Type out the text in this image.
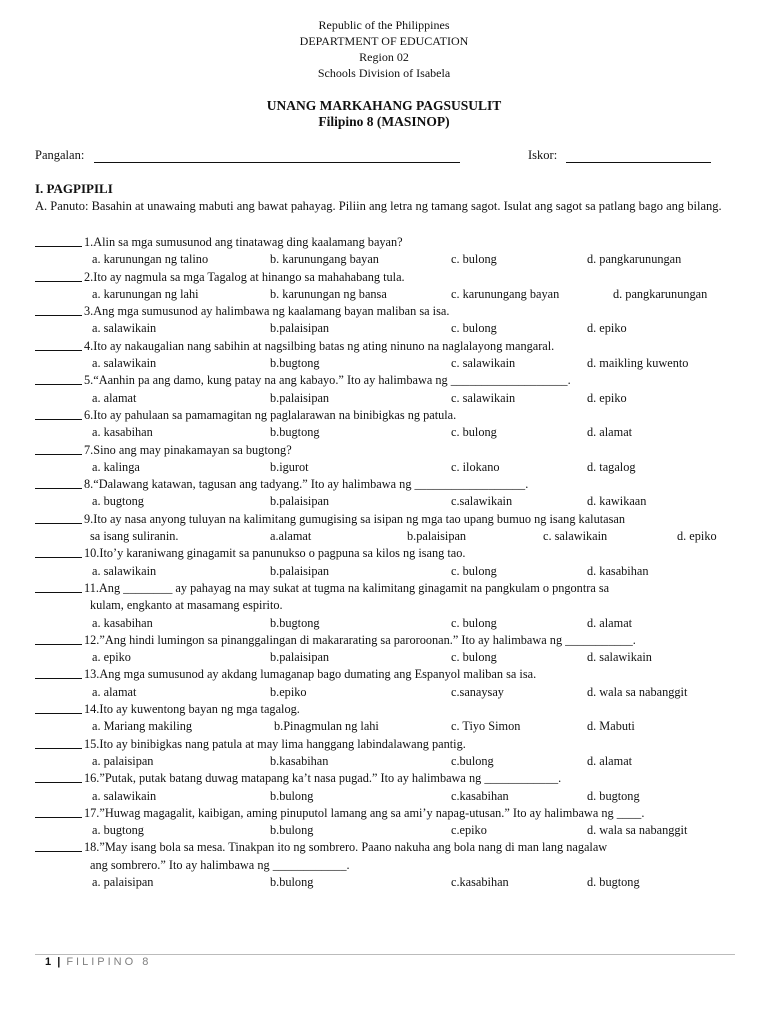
Republic of the Philippines
DEPARTMENT OF EDUCATION
Region 02
Schools Division of Isabela
UNANG MARKAHANG PAGSUSULIT
Filipino 8 (MASINOP)
Pangalan:	Iskor:
I. PAGPIPILI
A. Panuto: Basahin at unawaing mabuti ang bawat pahayag. Piliin ang letra ng tamang sagot. Isulat ang sagot sa patlang bago ang bilang.
1. Alin sa mga sumusunod ang tinatawag ding kaalamang bayan?
a. karunungan ng talino	b. karunungang bayan	c. bulong	d. pangkarunungan
2. Ito ay nagmula sa mga Tagalog at hinango sa mahahabang tula.
a. karunungan ng lahi	b. karunungan ng bansa	c. karunungang bayan	d. pangkarunungan
3. Ang mga sumusunod ay halimbawa ng kaalamang bayan maliban sa isa.
a. salawikain	b.palaisipan	c. bulong	d. epiko
4. Ito ay nakaugalian nang sabihin at nagsilbing batas ng ating ninuno na naglalayong mangaral.
a. salawikain	b.bugtong	c. salawikain	d. maikling kuwento
5. “Aanhin pa ang damo, kung patay na ang kabayo.” Ito ay halimbawa ng ___________________.
a. alamat	b.palaisipan	c. salawikain	d. epiko
6. Ito ay pahulaan sa pamamagitan ng paglalarawan na binibigkas ng patula.
a. kasabihan	b.bugtong	c. bulong	d. alamat
7. Sino ang may pinakamayan sa bugtong?
a. kalinga	b.igurot	c. ilokano	d. tagalog
8. “Dalawang katawan, tagusan ang tadyang.” Ito ay halimbawa ng __________________.
a. bugtong	b.palaisipan	c.salawikain	d. kawikaan
9. Ito ay nasa anyong tuluyan na kalimitang gumugising sa isipan ng mga tao upang bumuo ng isang kalutasan
sa isang suliranin.	a.alamat	b.palaisipan	c. salawikain	d. epiko
10. Ito’y karaniwang ginagamit sa panunukso o pagpuna sa kilos ng isang tao.
a. salawikain	b.palaisipan	c. bulong	d. kasabihan
11. Ang ________ ay pahayag na may sukat at tugma na kalimitang ginagamit na pangkulam o pngontra sa
kulam, engkanto at masamang espirito.
a. kasabihan	b.bugtong	c. bulong	d. alamat
12. ”Ang hindi lumingon sa pinanggalingan di makararating sa paroroonan.” Ito ay halimbawa ng ___________.
a. epiko	b.palaisipan	c. bulong	d. salawikain
13. Ang mga sumusunod ay akdang lumaganap bago dumating ang Espanyol maliban sa isa.
a. alamat	b.epiko	c.sanaysay	d. wala sa nabanggit
14. Ito ay kuwentong bayan ng mga tagalog.
a. Mariang makiling	b.Pinagmulan ng lahi	c. Tiyo Simon	d. Mabuti
15. Ito ay binibigkas nang patula at may lima hanggang labindalawang pantig.
a. palaisipan	b.kasabihan	c.bulong	d. alamat
16. ”Putak, putak batang duwag matapang ka’t nasa pugad.” Ito ay halimbawa ng ____________.
a. salawikain	b.bulong	c.kasabihan	d. bugtong
17. ”Huwag magagalit, kaibigan, aming pinuputol lamang ang sa ami’y napag-utusan.” Ito ay halimbawa ng ____.
a. bugtong	b.bulong	c.epiko	d. wala sa nabanggit
18. ”May isang bola sa mesa. Tinakpan ito ng sombrero. Paano nakuha ang bola nang di man lang nagalaw
ang sombrero.” Ito ay halimbawa ng ____________.
a. palaisipan	b.bulong	c.kasabihan	d. bugtong
1 | FILIPINO 8
